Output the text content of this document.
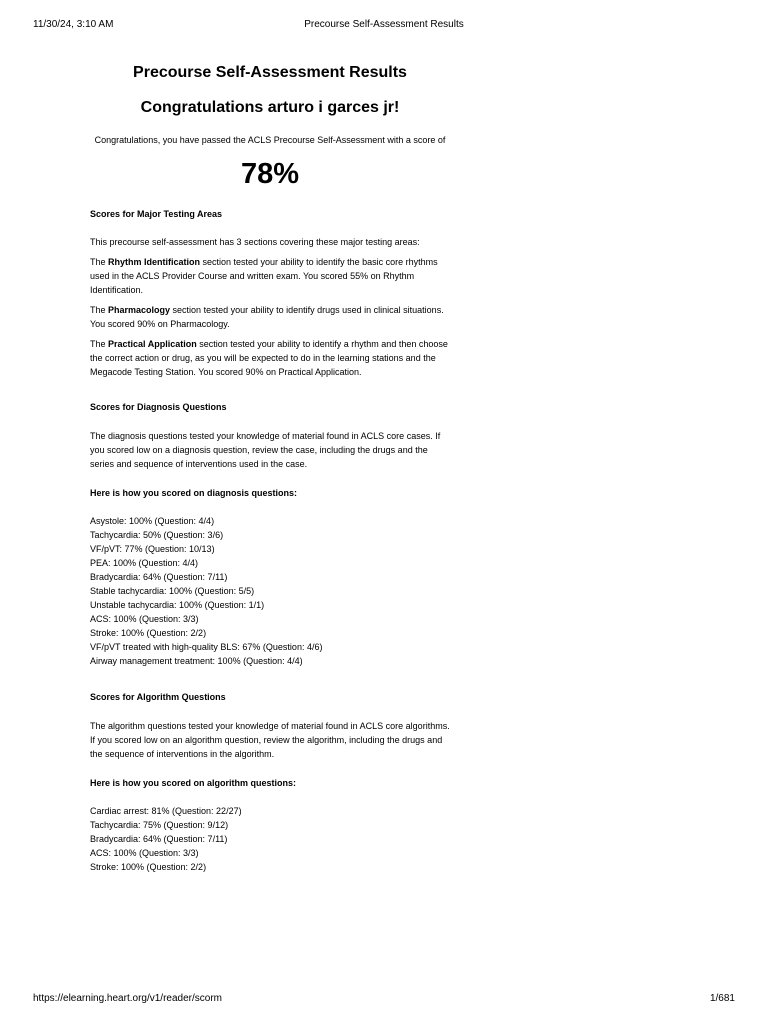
11/30/24, 3:10 AM	Precourse Self-Assessment Results
Precourse Self-Assessment Results
Congratulations arturo i garces jr!

Congratulations, you have passed the ACLS Precourse Self-Assessment with a score of

78%
Scores for Major Testing Areas

This precourse self-assessment has 3 sections covering these major testing areas:

The Rhythm Identification section tested your ability to identify the basic core rhythms used in the ACLS Provider Course and written exam. You scored 55% on Rhythm Identification.

The Pharmacology section tested your ability to identify drugs used in clinical situations. You scored 90% on Pharmacology.

The Practical Application section tested your ability to identify a rhythm and then choose the correct action or drug, as you will be expected to do in the learning stations and the Megacode Testing Station. You scored 90% on Practical Application.

Scores for Diagnosis Questions

The diagnosis questions tested your knowledge of material found in ACLS core cases. If you scored low on a diagnosis question, review the case, including the drugs and the series and sequence of interventions used in the case.

Here is how you scored on diagnosis questions:
Asystole: 100% (Question: 4/4)
Tachycardia: 50% (Question: 3/6)
VF/pVT: 77% (Question: 10/13)
PEA: 100% (Question: 4/4)
Bradycardia: 64% (Question: 7/11)
Stable tachycardia: 100% (Question: 5/5)
Unstable tachycardia: 100% (Question: 1/1)
ACS: 100% (Question: 3/3)
Stroke: 100% (Question: 2/2)
VF/pVT treated with high-quality BLS: 67% (Question: 4/6)
Airway management treatment: 100% (Question: 4/4)
Scores for Algorithm Questions

The algorithm questions tested your knowledge of material found in ACLS core algorithms. If you scored low on an algorithm question, review the algorithm, including the drugs and the sequence of interventions in the algorithm.

Here is how you scored on algorithm questions:
Cardiac arrest: 81% (Question: 22/27)
Tachycardia: 75% (Question: 9/12)
Bradycardia: 64% (Question: 7/11)
ACS: 100% (Question: 3/3)
Stroke: 100% (Question: 2/2)
https://elearning.heart.org/v1/reader/scorm	1/681
